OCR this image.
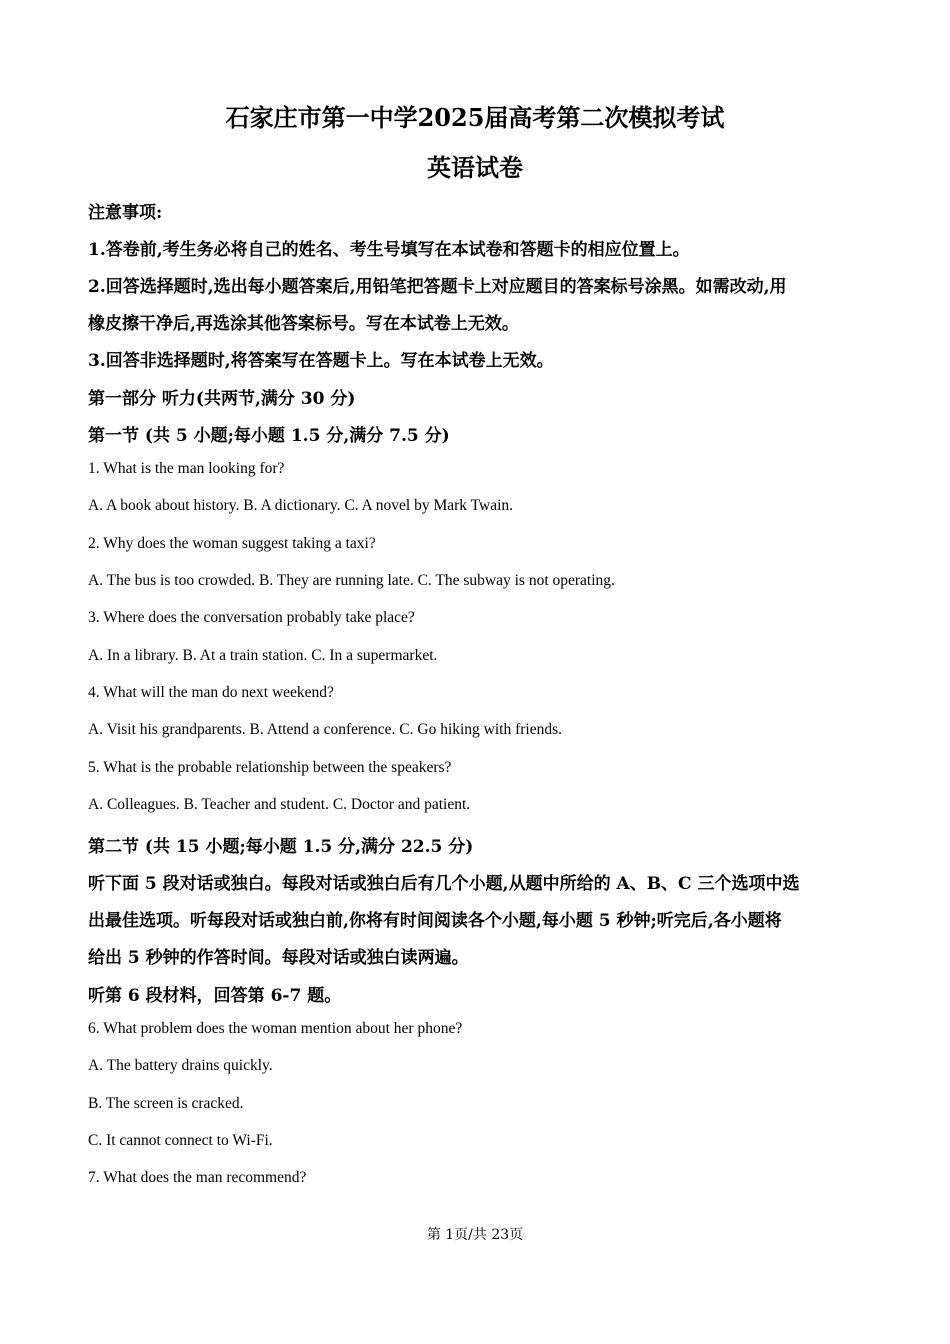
石家庄市第一中学2025届高考第二次模拟考试
英语试卷
注意事项:
1.答卷前,考生务必将自己的姓名、考生号填写在本试卷和答题卡的相应位置上。
2.回答选择题时,选出每小题答案后,用铅笔把答题卡上对应题目的答案标号涂黑。如需改动,用
橡皮擦干净后,再选涂其他答案标号。写在本试卷上无效。
3.回答非选择题时,将答案写在答题卡上。写在本试卷上无效。
第一部分 听力(共两节,满分 30 分)
第一节 (共 5 小题;每小题 1.5 分,满分 7.5 分)
1. What is the man looking for?
A. A book about history. B. A dictionary. C. A novel by Mark Twain.
2. Why does the woman suggest taking a taxi?
A. The bus is too crowded. B. They are running late. C. The subway is not operating.
3. Where does the conversation probably take place?
A. In a library. B. At a train station. C. In a supermarket.
4. What will the man do next weekend?
A. Visit his grandparents. B. Attend a conference. C. Go hiking with friends.
5. What is the probable relationship between the speakers?
A. Colleagues. B. Teacher and student. C. Doctor and patient.
第二节 (共 15 小题;每小题 1.5 分,满分 22.5 分)
听下面 5 段对话或独白。每段对话或独白后有几个小题,从题中所给的 A、B、C 三个选项中选
出最佳选项。听每段对话或独白前,你将有时间阅读各个小题,每小题 5 秒钟;听完后,各小题将
给出 5 秒钟的作答时间。每段对话或独白读两遍。
听第 6 段材料，回答第 6-7 题。
6. What problem does the woman mention about her phone?
A. The battery drains quickly.
B. The screen is cracked.
C. It cannot connect to Wi-Fi.
7. What does the man recommend?
第 1页/共 23页
